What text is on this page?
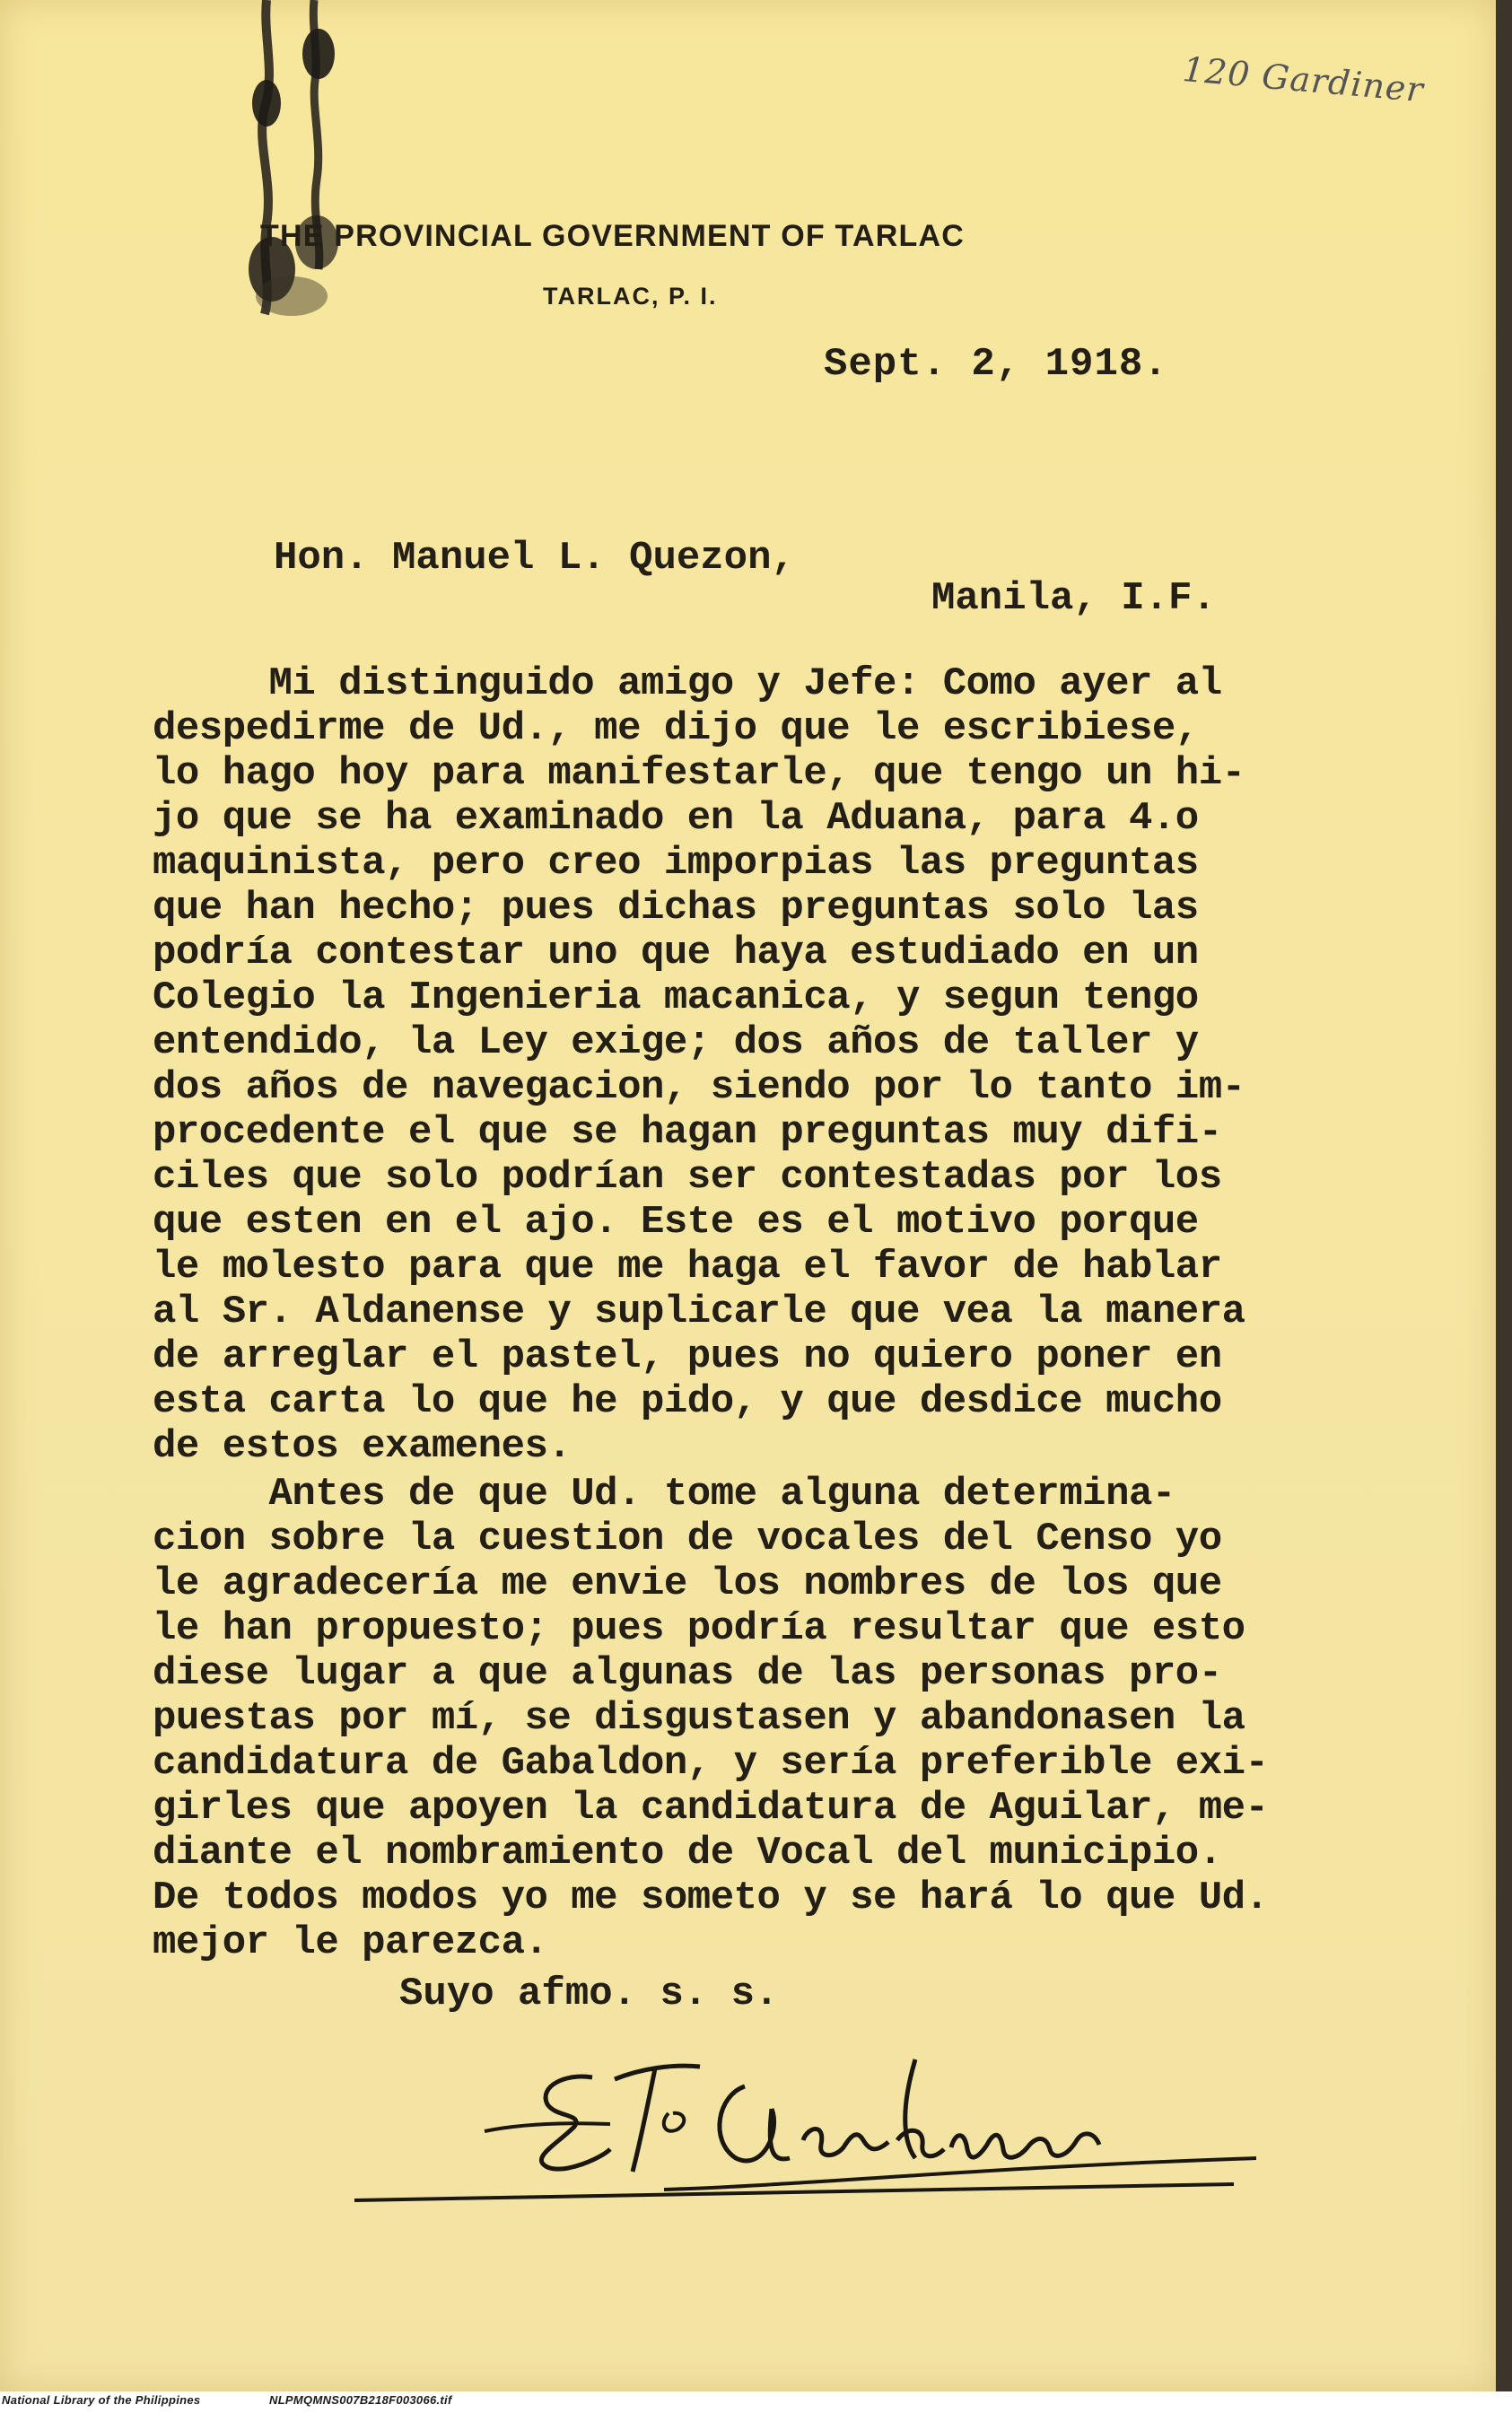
120 Gardiner
THE PROVINCIAL GOVERNMENT OF TARLAC
TARLAC, P. I.
Sept. 2, 1918.
Hon. Manuel L. Quezon,
Manila, I.F.
Mi distinguido amigo y Jefe: Como ayer al
despedirme de Ud., me dijo que le escribiese,
lo hago hoy para manifestarle, que tengo un hi-
jo que se ha examinado en la Aduana, para 4.o
maquinista, pero creo imporpias las preguntas
que han hecho; pues dichas preguntas solo las
podría contestar uno que haya estudiado en un
Colegio la Ingenieria macanica, y segun tengo
entendido, la Ley exige; dos años de taller y
dos años de navegacion, siendo por lo tanto im-
procedente el que se hagan preguntas muy difi-
ciles que solo podrían ser contestadas por los
que esten en el ajo. Este es el motivo porque
le molesto para que me haga el favor de hablar
al Sr. Aldanense y suplicarle que vea la manera
de arreglar el pastel, pues no quiero poner en
esta carta lo que he pido, y que desdice mucho
de estos examenes.
Antes de que Ud. tome alguna determina-
cion sobre la cuestion de vocales del Censo yo
le agradecería me envie los nombres de los que
le han propuesto; pues podría resultar que esto
diese lugar a que algunas de las personas pro-
puestas por mí, se disgustasen y abandonasen la
candidatura de Gabaldon, y sería preferible exi-
girles que apoyen la candidatura de Aguilar, me-
diante el nombramiento de Vocal del municipio.
De todos modos yo me someto y se hará lo que Ud.
mejor le parezca.
Suyo afmo. s. s.
National Library of the Philippines	NLPMQMNS007B218F003066.tif
